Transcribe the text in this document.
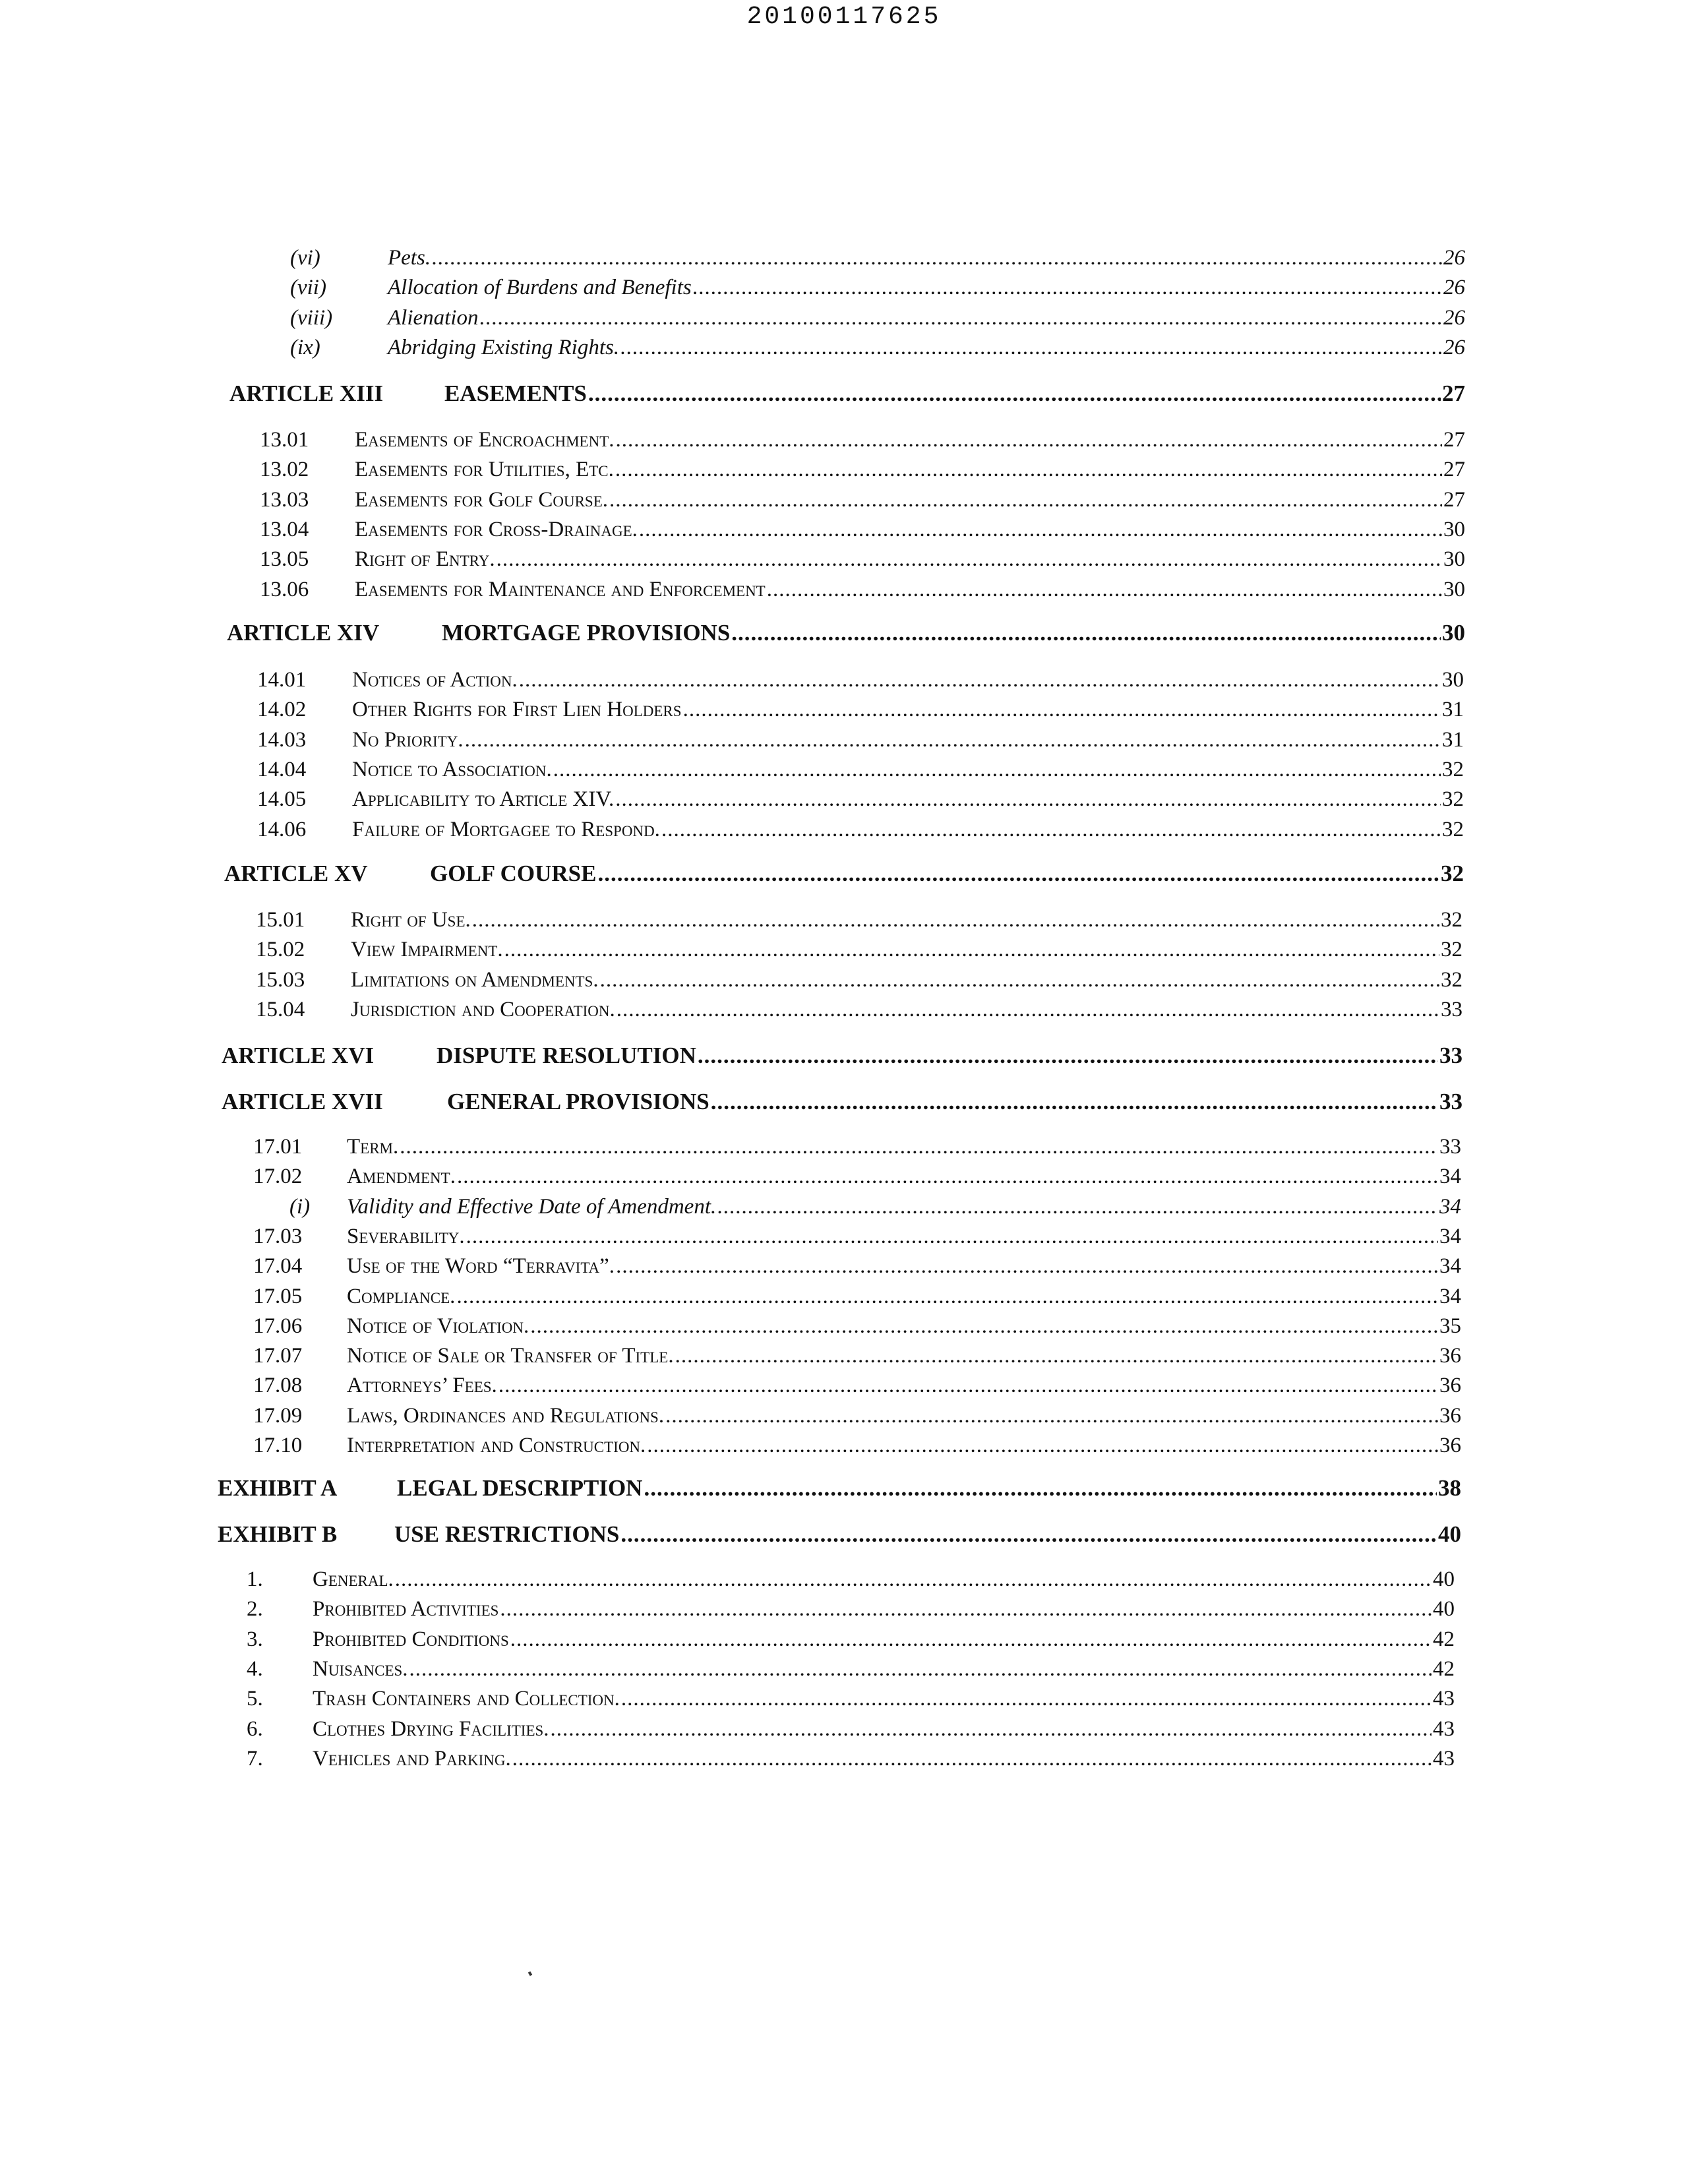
20100117625
(vi)	Pets. .....	26
(vii)	Allocation of Burdens and Benefits .....	26
(viii)	Alienation .....	26
(ix)	Abridging Existing Rights. .....	26
ARTICLE XIII	EASEMENTS .....	27
13.01	Easements of Encroachment. .....	27
13.02	Easements for Utilities, Etc. .....	27
13.03	Easements for Golf Course. .....	27
13.04	Easements for Cross-Drainage. .....	30
13.05	Right of Entry. .....	30
13.06	Easements for Maintenance and Enforcement .....	30
ARTICLE XIV	MORTGAGE PROVISIONS .....	30
14.01	Notices of Action. .....	30
14.02	Other Rights for First Lien Holders .....	31
14.03	No Priority. .....	31
14.04	Notice to Association. .....	32
14.05	Applicability to Article XIV. .....	32
14.06	Failure of Mortgagee to Respond. .....	32
ARTICLE XV	GOLF COURSE .....	32
15.01	Right of Use. .....	32
15.02	View Impairment. .....	32
15.03	Limitations on Amendments. .....	32
15.04	Jurisdiction and Cooperation. .....	33
ARTICLE XVI	DISPUTE RESOLUTION .....	33
ARTICLE XVII	GENERAL PROVISIONS .....	33
17.01	Term. .....	33
17.02	Amendment. .....	34
(i)	Validity and Effective Date of Amendment. .....	34
17.03	Severability. .....	34
17.04	Use of the Word “Terravita”. .....	34
17.05	Compliance. .....	34
17.06	Notice of Violation. .....	35
17.07	Notice of Sale or Transfer of Title. .....	36
17.08	Attorneys’ Fees. .....	36
17.09	Laws, Ordinances and Regulations. .....	36
17.10	Interpretation and Construction. .....	36
EXHIBIT A	LEGAL DESCRIPTION .....	38
EXHIBIT B	USE RESTRICTIONS .....	40
1.	General. .....	40
2.	Prohibited Activities .....	40
3.	Prohibited Conditions .....	42
4.	Nuisances. .....	42
5.	Trash Containers and Collection. .....	43
6.	Clothes Drying Facilities. .....	43
7.	Vehicles and Parking. .....	43
